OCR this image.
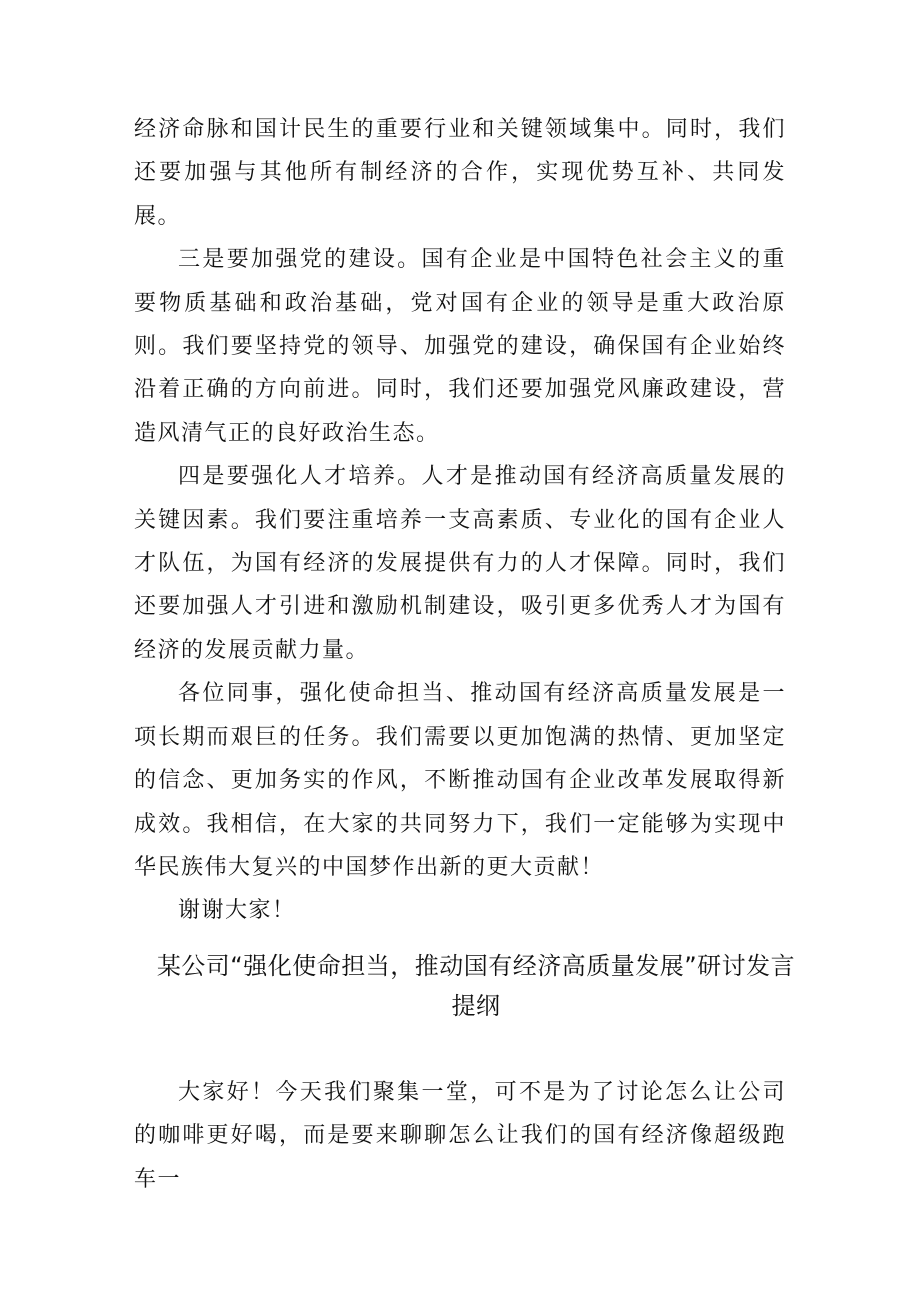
经济命脉和国计民生的重要行业和关键领域集中。同时，我们还要加强与其他所有制经济的合作，实现优势互补、共同发展。

三是要加强党的建设。国有企业是中国特色社会主义的重要物质基础和政治基础，党对国有企业的领导是重大政治原则。我们要坚持党的领导、加强党的建设，确保国有企业始终沿着正确的方向前进。同时，我们还要加强党风廉政建设，营造风清气正的良好政治生态。

四是要强化人才培养。人才是推动国有经济高质量发展的关键因素。我们要注重培养一支高素质、专业化的国有企业人才队伍，为国有经济的发展提供有力的人才保障。同时，我们还要加强人才引进和激励机制建设，吸引更多优秀人才为国有经济的发展贡献力量。

各位同事，强化使命担当、推动国有经济高质量发展是一项长期而艰巨的任务。我们需要以更加饱满的热情、更加坚定的信念、更加务实的作风，不断推动国有企业改革发展取得新成效。我相信，在大家的共同努力下，我们一定能够为实现中华民族伟大复兴的中国梦作出新的更大贡献！

谢谢大家！

某公司“强化使命担当，推动国有经济高质量发展”研讨发言提纲

大家好！今天我们聚集一堂，可不是为了讨论怎么让公司的咖啡更好喝，而是要来聊聊怎么让我们的国有经济像超级跑车一
